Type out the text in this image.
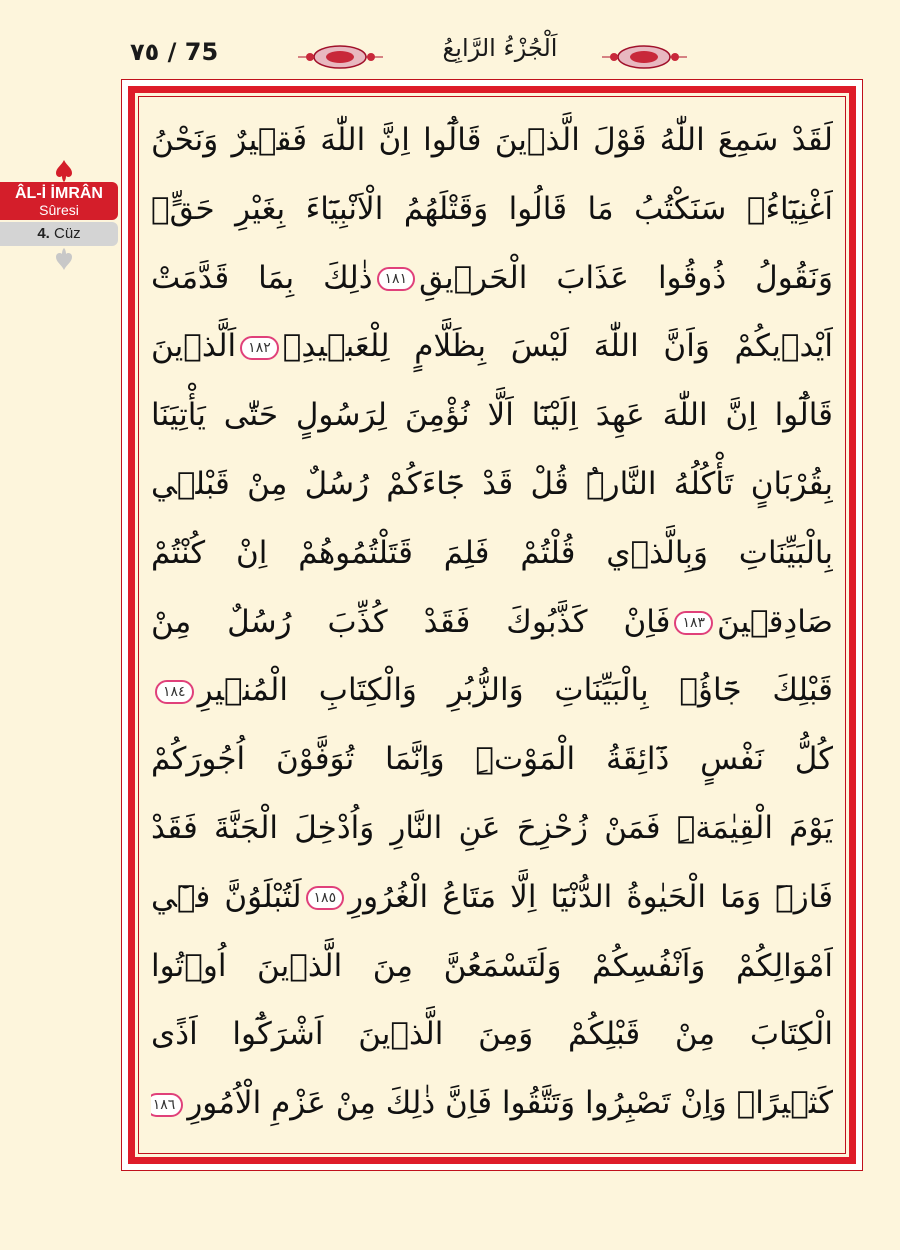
٧٥ / 75	اَلْجُزْءُ الرَّابِعُ
ÂL-İ İMRÂN
Sûresi
4. Cüz
لَقَدْ سَمِعَ اللّٰهُ قَوْلَ الَّذ۪ينَ قَالُٓوا اِنَّ اللّٰهَ فَق۪يرٌ وَنَحْنُ
اَغْنِيَٓاءُۢ سَنَكْتُبُ مَا قَالُوا وَقَتْلَهُمُ الْاَنْبِيَٓاءَ بِغَيْرِ حَقٍّۙ
وَنَقُولُ ذُوقُوا عَذَابَ الْحَر۪يقِ١٨١ذٰلِكَ بِمَا قَدَّمَتْ
اَيْد۪يكُمْ وَاَنَّ اللّٰهَ لَيْسَ بِظَلَّامٍ لِلْعَب۪يدِۚ١٨٢اَلَّذ۪ينَ
قَالُٓوا اِنَّ اللّٰهَ عَهِدَ اِلَيْنَٓا اَلَّا نُؤْمِنَ لِرَسُولٍ حَتّٰى يَأْتِيَنَا
بِقُرْبَانٍ تَأْكُلُهُ النَّارُۜ قُلْ قَدْ جَٓاءَكُمْ رُسُلٌ مِنْ قَبْل۪ي
بِالْبَيِّنَاتِ وَبِالَّذ۪ي قُلْتُمْ فَلِمَ قَتَلْتُمُوهُمْ اِنْ كُنْتُمْ
صَادِق۪ينَ١٨٣فَاِنْ كَذَّبُوكَ فَقَدْ كُذِّبَ رُسُلٌ مِنْ
قَبْلِكَ جَٓاؤُ۫ بِالْبَيِّنَاتِ وَالزُّبُرِ وَالْكِتَابِ الْمُن۪يرِ١٨٤
كُلُّ نَفْسٍ ذَٓائِقَةُ الْمَوْتِۜ وَاِنَّمَا تُوَفَّوْنَ اُجُورَكُمْ
يَوْمَ الْقِيٰمَةِۜ فَمَنْ زُحْزِحَ عَنِ النَّارِ وَاُدْخِلَ الْجَنَّةَ فَقَدْ
فَازَۜ وَمَا الْحَيٰوةُ الدُّنْيَٓا اِلَّا مَتَاعُ الْغُرُورِ١٨٥لَتُبْلَوُنَّ ف۪ٓي
اَمْوَالِكُمْ وَاَنْفُسِكُمْ وَلَتَسْمَعُنَّ مِنَ الَّذ۪ينَ اُو۫تُوا
الْكِتَابَ مِنْ قَبْلِكُمْ وَمِنَ الَّذ۪ينَ اَشْرَكُٓوا اَذًى
كَث۪يرًاۜ وَاِنْ تَصْبِرُوا وَتَتَّقُوا فَاِنَّ ذٰلِكَ مِنْ عَزْمِ الْاُمُورِ١٨٦
